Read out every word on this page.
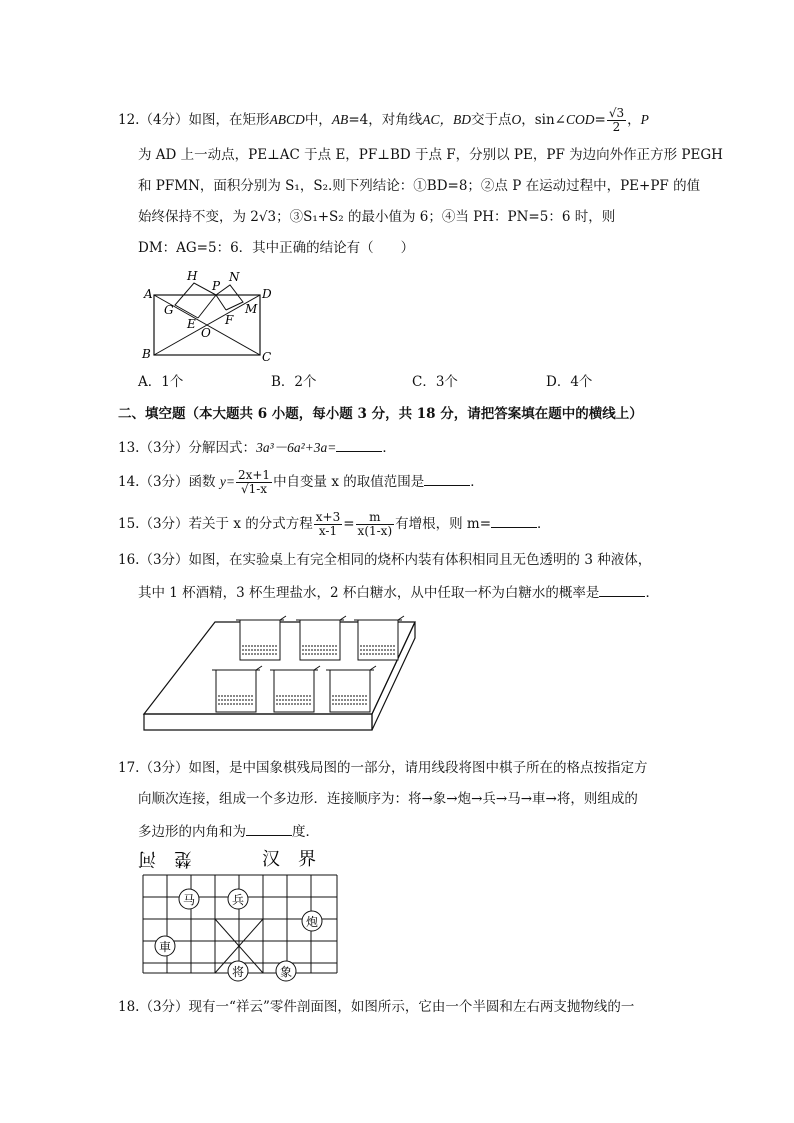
12.（4分）如图，在矩形ABCD中，AB=4，对角线AC，BD交于点O，sin∠COD= $\frac{√3}{2}$ ，P
为 AD 上一动点，PE⊥AC 于点 E，PF⊥BD 于点 F，分别以 PE，PF 为边向外作正方形 PEGH
和 PFMN，面积分别为 S₁，S₂.则下列结论：①BD=8；②点 P 在运动过程中，PE+PF 的值
始终保持不变，为 2√3；③S₁+S₂ 的最小值为 6；④当 PH：PN=5：6 时，则
DM：AG=5：6．其中正确的结论有（　　）
A
B	C
D
H
P
N
G
E F
M
O
A．1个	B．2个	C．3个	D．4个
二、填空题（本大题共 6 小题，每小题 3 分，共 18 分，请把答案填在题中的横线上）
13.（3分）分解因式：3a³－6a²+3a=	．
14.（3分）函数 $y= \frac{2x+1}{√1-x}$ 中自变量 x 的取值范围是	．
15.（3分）若关于 x 的分式方程 $\frac{x+3}{x-1} = \frac{m}{x(1-x)}$ 有增根，则 m=	．
16.（3分）如图，在实验桌上有完全相同的烧杯内装有体积相同且无色透明的 3 种液体，
其中 1 杯酒精，3 杯生理盐水，2 杯白糖水，从中任取一杯为白糖水的概率是	．
17.（3分）如图，是中国象棋残局图的一部分，请用线段将图中棋子所在的格点按指定方
向顺次连接，组成一个多边形．连接顺序为：将→象→炮→兵→马→車→将，则组成的
多边形的内角和为	度．
楚　河	汉　界
马	兵
炮
車
将	象
18.（3分）现有一“祥云”零件剖面图，如图所示，它由一个半圆和左右两支抛物线的一
